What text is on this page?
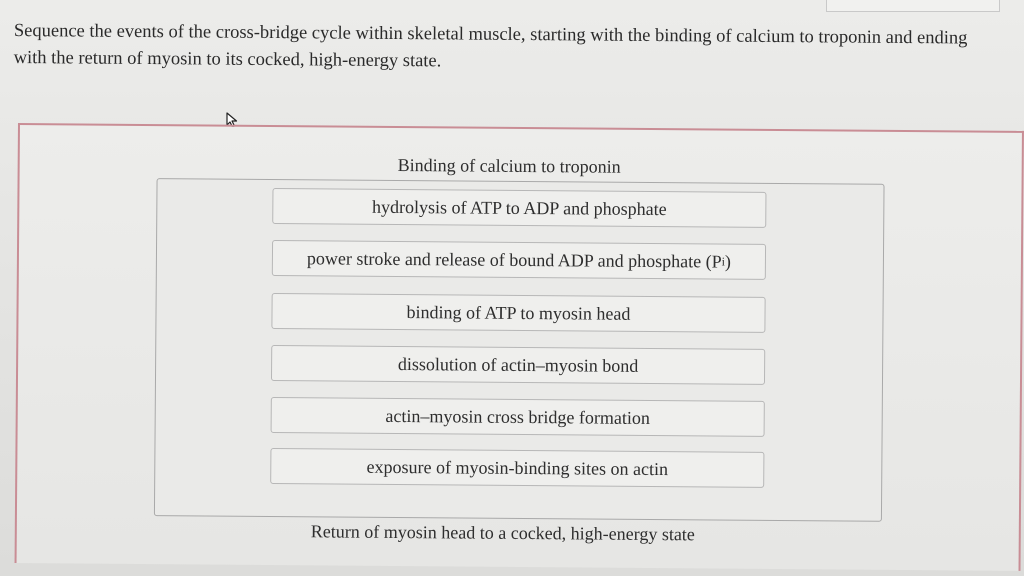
Sequence the events of the cross-bridge cycle within skeletal muscle, starting with the binding of calcium to troponin and ending with the return of myosin to its cocked, high-energy state.

Binding of calcium to troponin
hydrolysis of ATP to ADP and phosphate
power stroke and release of bound ADP and phosphate (P i )
binding of ATP to myosin head
dissolution of actin–myosin bond
actin–myosin cross bridge formation
exposure of myosin-binding sites on actin
Return of myosin head to a cocked, high-energy state
